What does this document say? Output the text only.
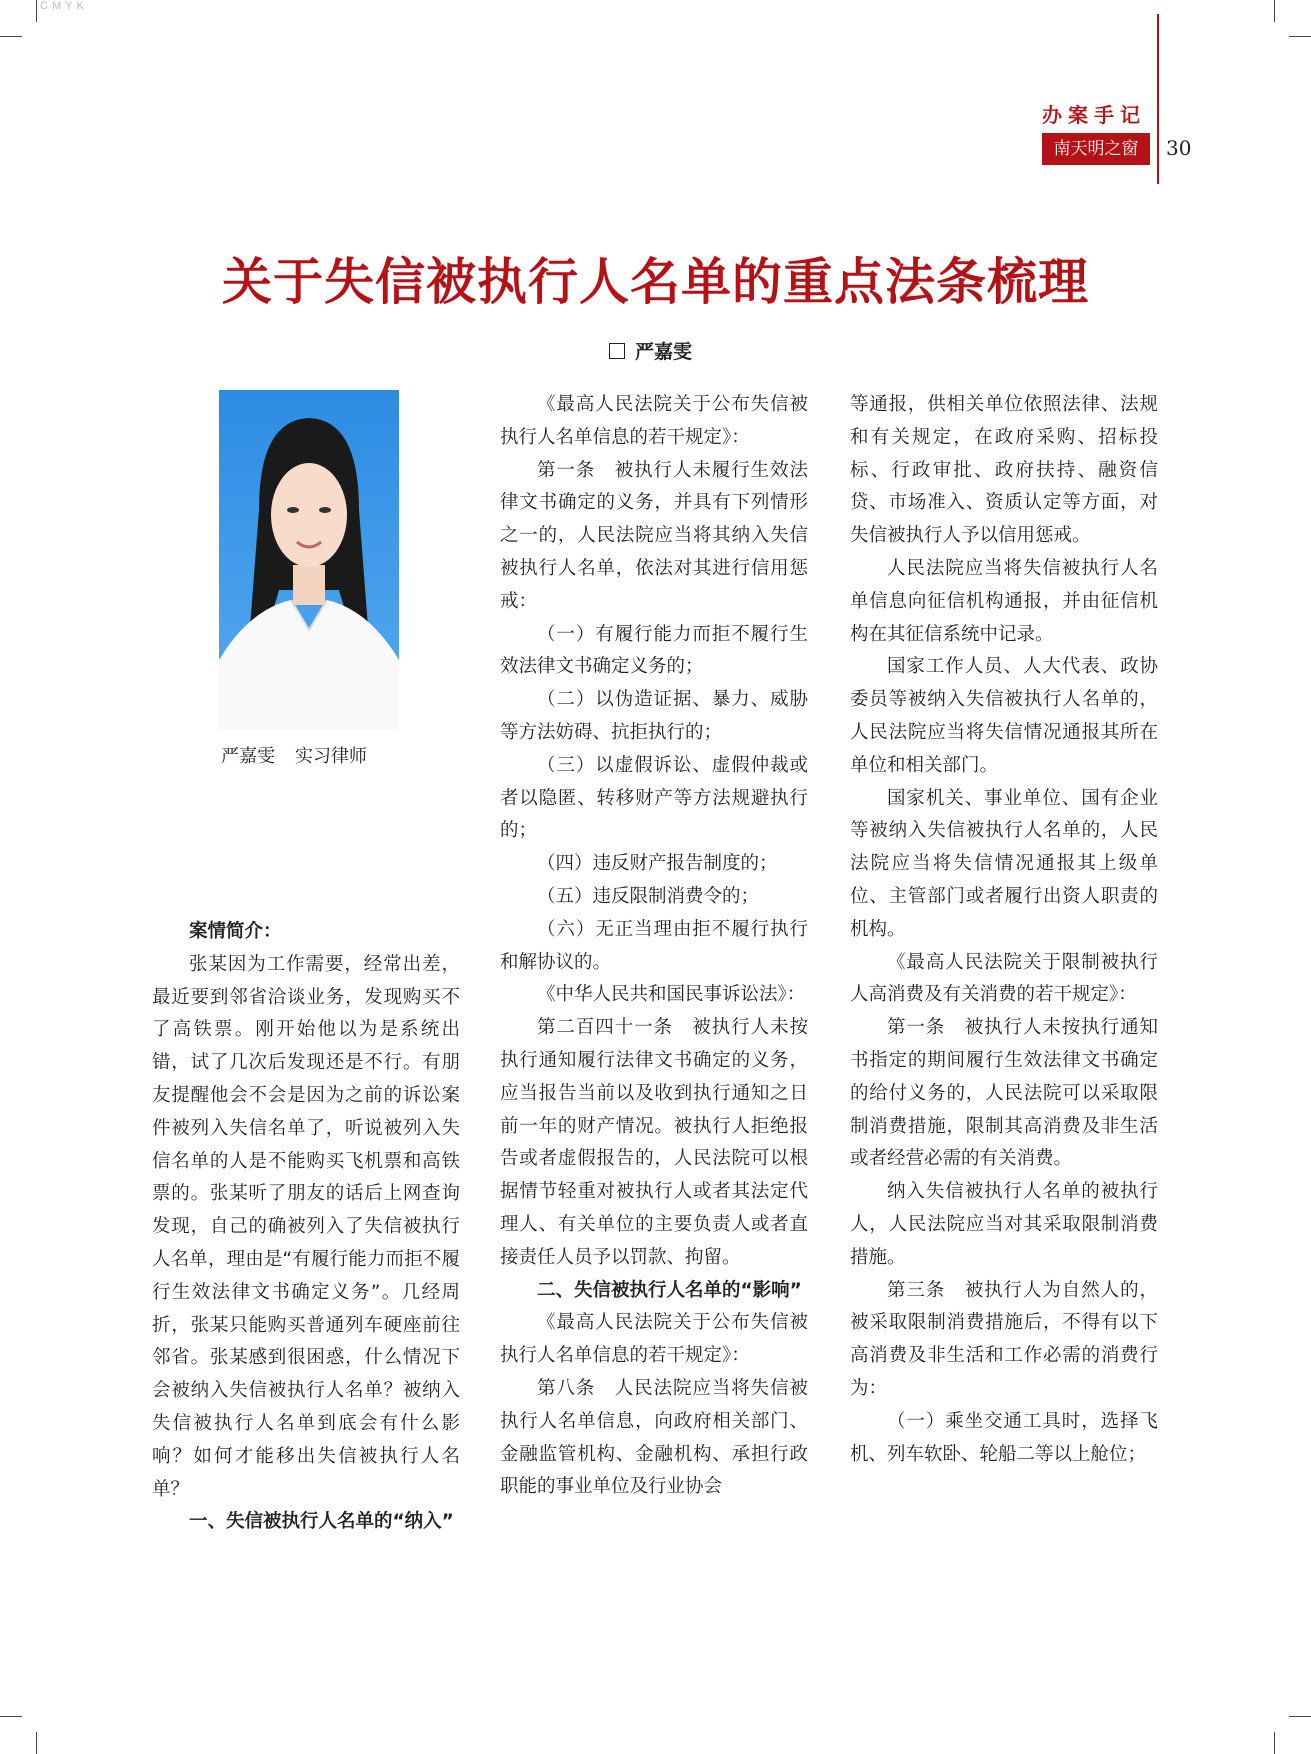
CMYK
办案手记
南天明之窗	30
关于失信被执行人名单的重点法条梳理
严嘉雯
严嘉雯 实习律师

案情简介：

张某因为工作需要，经常出差，最近要到邻省洽谈业务，发现购买不了高铁票。刚开始他以为是系统出错，试了几次后发现还是不行。有朋友提醒他会不会是因为之前的诉讼案件被列入失信名单了，听说被列入失信名单的人是不能购买飞机票和高铁票的。张某听了朋友的话后上网查询发现，自己的确被列入了失信被执行人名单，理由是“有履行能力而拒不履行生效法律文书确定义务”。几经周折，张某只能购买普通列车硬座前往邻省。张某感到很困惑，什么情况下会被纳入失信被执行人名单？被纳入失信被执行人名单到底会有什么影响？如何才能移出失信被执行人名单？

一、失信被执行人名单的“纳入”

《最高人民法院关于公布失信被执行人名单信息的若干规定》：

第一条　被执行人未履行生效法律文书确定的义务，并具有下列情形之一的，人民法院应当将其纳入失信被执行人名单，依法对其进行信用惩戒：

（一）有履行能力而拒不履行生效法律文书确定义务的；

（二）以伪造证据、暴力、威胁等方法妨碍、抗拒执行的；

（三）以虚假诉讼、虚假仲裁或者以隐匿、转移财产等方法规避执行的；

（四）违反财产报告制度的；

（五）违反限制消费令的；

（六）无正当理由拒不履行执行和解协议的。

《中华人民共和国民事诉讼法》：

第二百四十一条　被执行人未按执行通知履行法律文书确定的义务，应当报告当前以及收到执行通知之日前一年的财产情况。被执行人拒绝报告或者虚假报告的，人民法院可以根据情节轻重对被执行人或者其法定代理人、有关单位的主要负责人或者直接责任人员予以罚款、拘留。

二、失信被执行人名单的“影响”

《最高人民法院关于公布失信被执行人名单信息的若干规定》：

第八条　人民法院应当将失信被执行人名单信息，向政府相关部门、金融监管机构、金融机构、承担行政职能的事业单位及行业协会

等通报，供相关单位依照法律、法规和有关规定，在政府采购、招标投标、行政审批、政府扶持、融资信贷、市场准入、资质认定等方面，对失信被执行人予以信用惩戒。

人民法院应当将失信被执行人名单信息向征信机构通报，并由征信机构在其征信系统中记录。

国家工作人员、人大代表、政协委员等被纳入失信被执行人名单的，人民法院应当将失信情况通报其所在单位和相关部门。

国家机关、事业单位、国有企业等被纳入失信被执行人名单的，人民法院应当将失信情况通报其上级单位、主管部门或者履行出资人职责的机构。

《最高人民法院关于限制被执行人高消费及有关消费的若干规定》：

第一条　被执行人未按执行通知书指定的期间履行生效法律文书确定的给付义务的，人民法院可以采取限制消费措施，限制其高消费及非生活或者经营必需的有关消费。

纳入失信被执行人名单的被执行人，人民法院应当对其采取限制消费措施。

第三条　被执行人为自然人的，被采取限制消费措施后，不得有以下高消费及非生活和工作必需的消费行为：

（一）乘坐交通工具时，选择飞机、列车软卧、轮船二等以上舱位；
